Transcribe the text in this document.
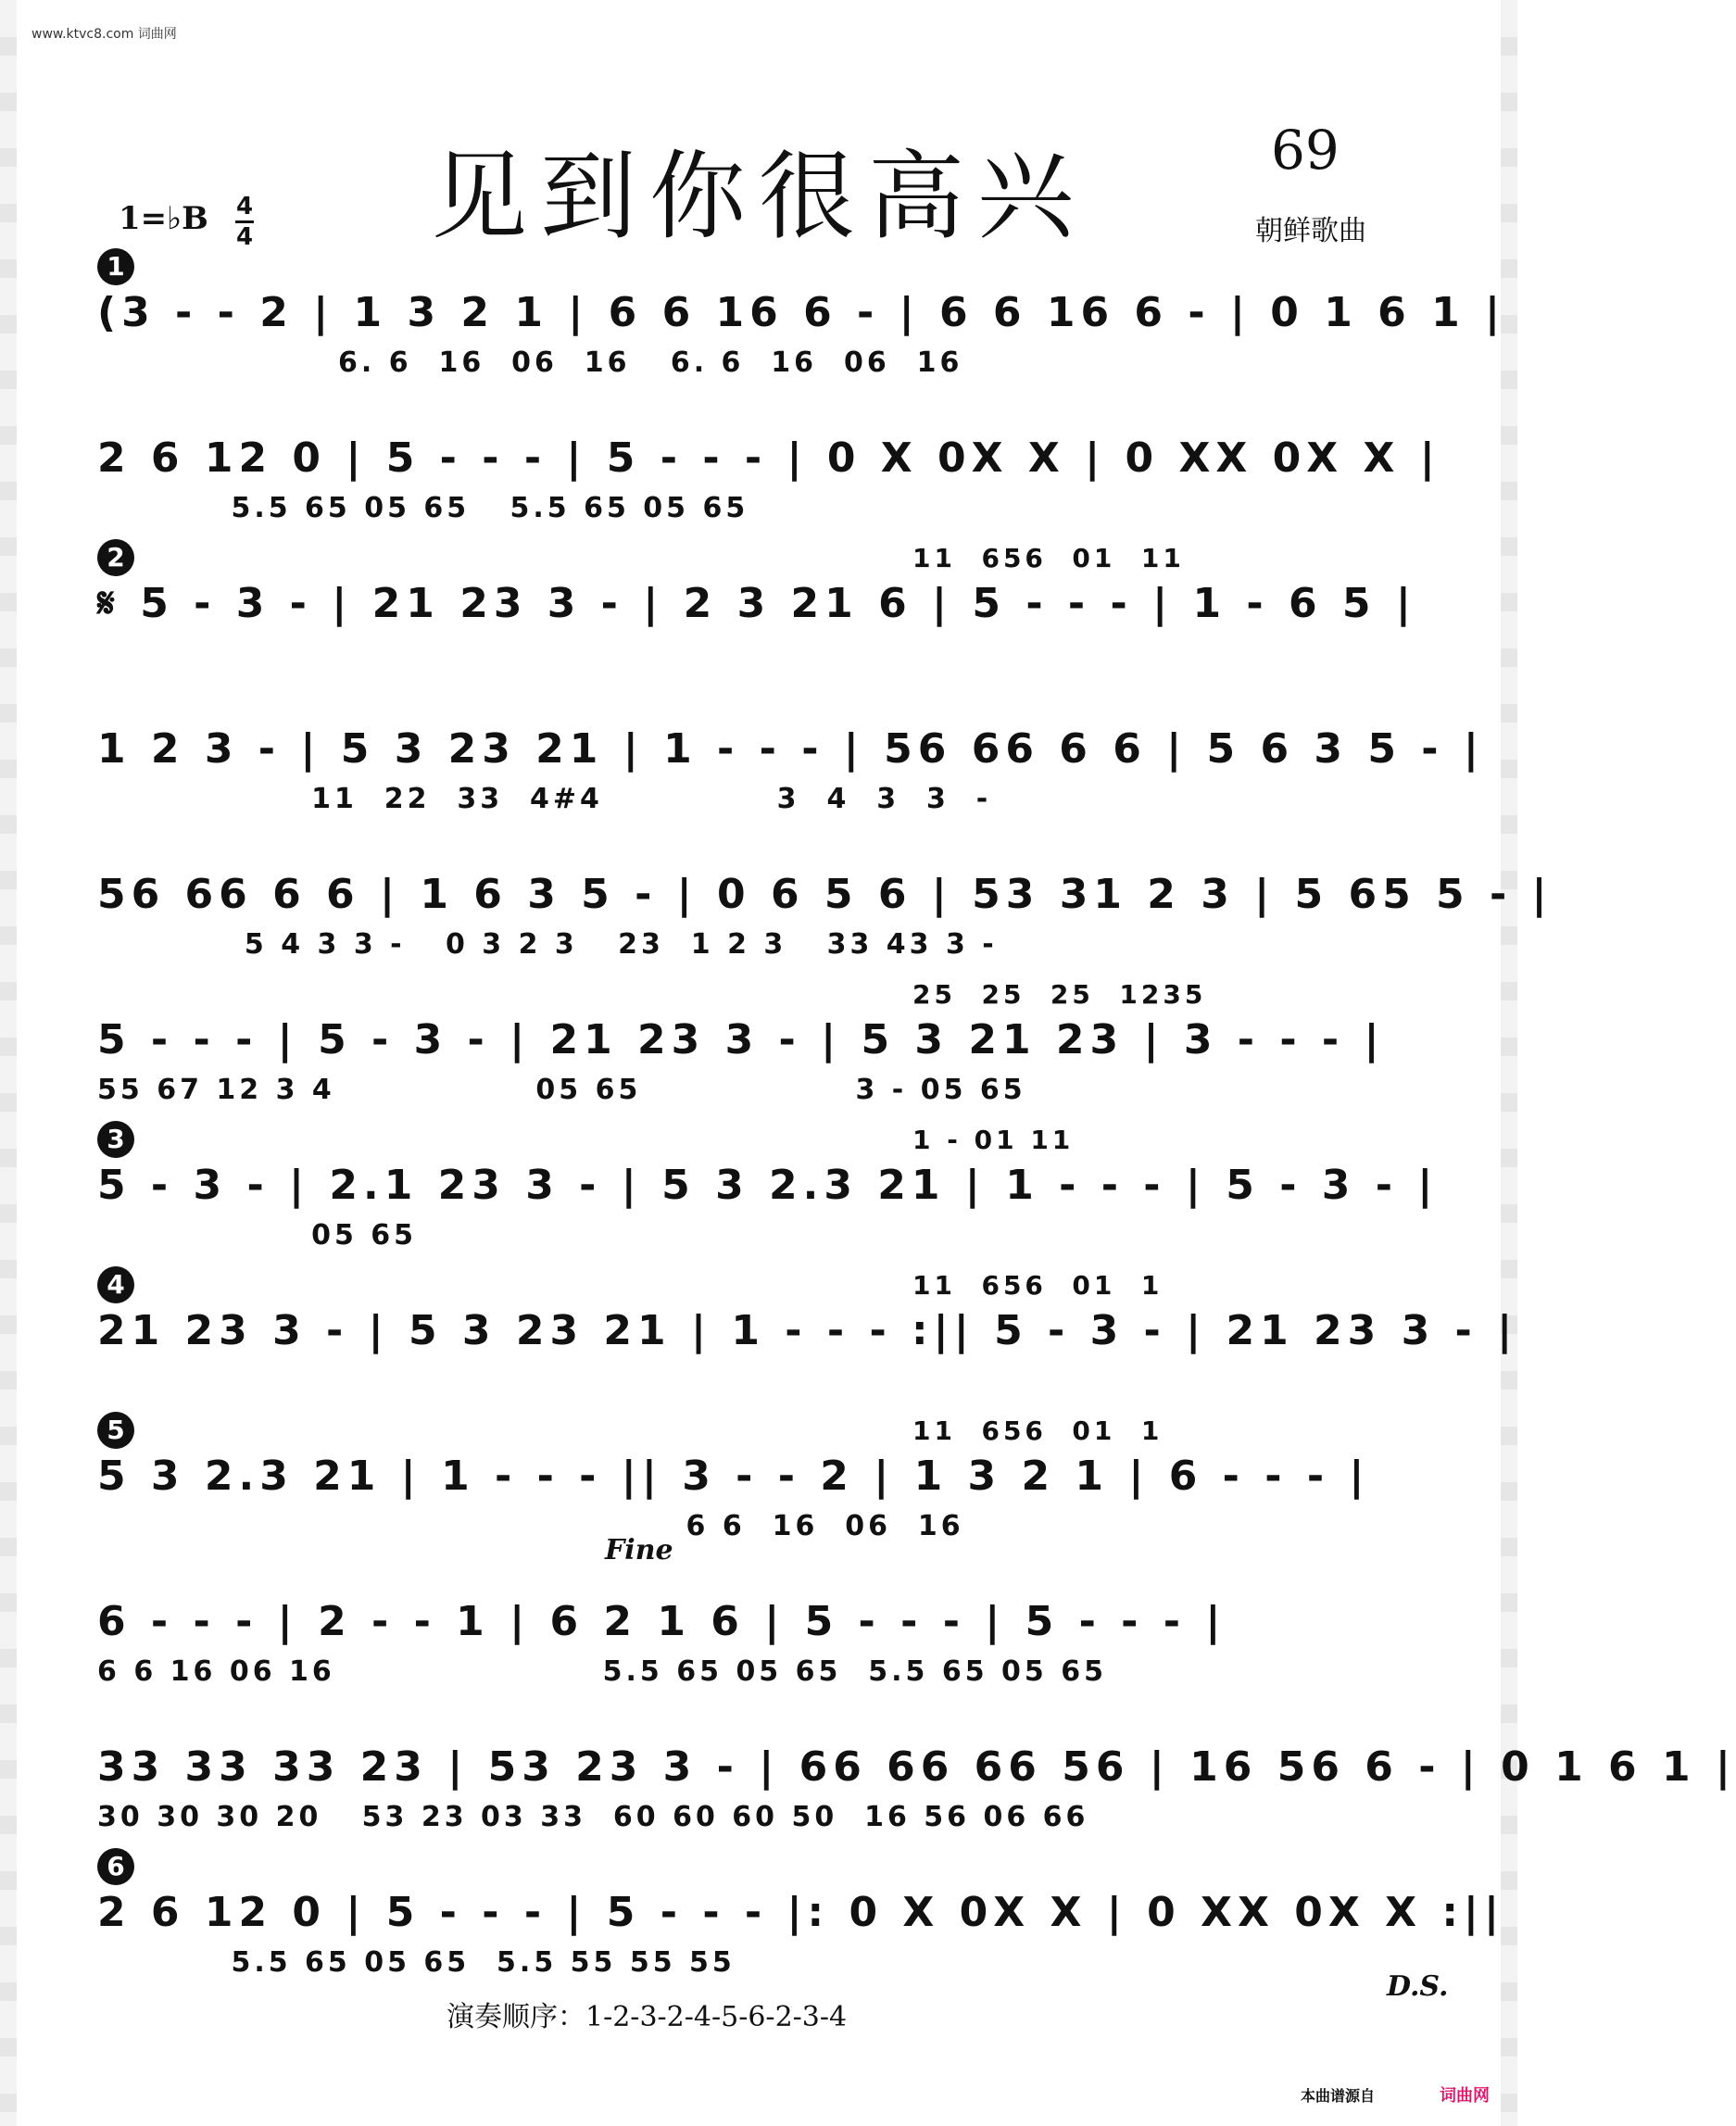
www.ktvc8.com 词曲网
见到你很高兴	69
朝鲜歌曲
1=♭B 4
4
1
(3 - - 2 | 1 3 2 1 | 6 6 16 6 - | 6 6 16 6 - | 0 1 6 1 |
6. 6  16  06  16   6. 6  16  06  16
2 6 12 0 | 5 - - - | 5 - - - | 0 X 0X X | 0 XX 0X X |
5.5 65 05 65   5.5 65 05 65
2	11  656  01  11
𝄋 5 - 3 - | 21 23 3 - | 2 3 21 6 | 5 - - - | 1 - 6 5 |
1 2 3 - | 5 3 23 21 | 1 - - - | 56 66 6 6 | 5 6 3 5 - |
11  22  33  4#4             3  4  3  3  -
56 66 6 6 | 1 6 3 5 - | 0 6 5 6 | 53 31 2 3 | 5 65 5 - |
5 4 3 3 -   0 3 2 3   23  1 2 3   33 43 3 -
25  25  25  1235
5 - - - | 5 - 3 - | 21 23 3 - | 5 3 21 23 | 3 - - - |
55 67 12 3 4               05 65                3 - 05 65
3	1 - 01 11
5 - 3 - | 2.1 23 3 - | 5 3 2.3 21 | 1 - - - | 5 - 3 - |
05 65
4	11  656  01  1
21 23 3 - | 5 3 23 21 | 1 - - - :|| 5 - 3 - | 21 23 3 - |
5	11  656  01  1
5 3 2.3 21 | 1 - - - || 3 - - 2 | 1 3 2 1 | 6 - - - |
6 6  16  06  16
Fine
6 - - - | 2 - - 1 | 6 2 1 6 | 5 - - - | 5 - - - |
6 6 16 06 16                    5.5 65 05 65  5.5 65 05 65
33 33 33 23 | 53 23 3 - | 66 66 66 56 | 16 56 6 - | 0 1 6 1 |
30 30 30 20   53 23 03 33  60 60 60 50  16 56 06 66
6
2 6 12 0 | 5 - - - | 5 - - - |: 0 X 0X X | 0 XX 0X X :||
5.5 65 05 65  5.5 55 55 55
D.S.
演奏顺序：1-2-3-2-4-5-6-2-3-4
本曲谱源自	词曲网
